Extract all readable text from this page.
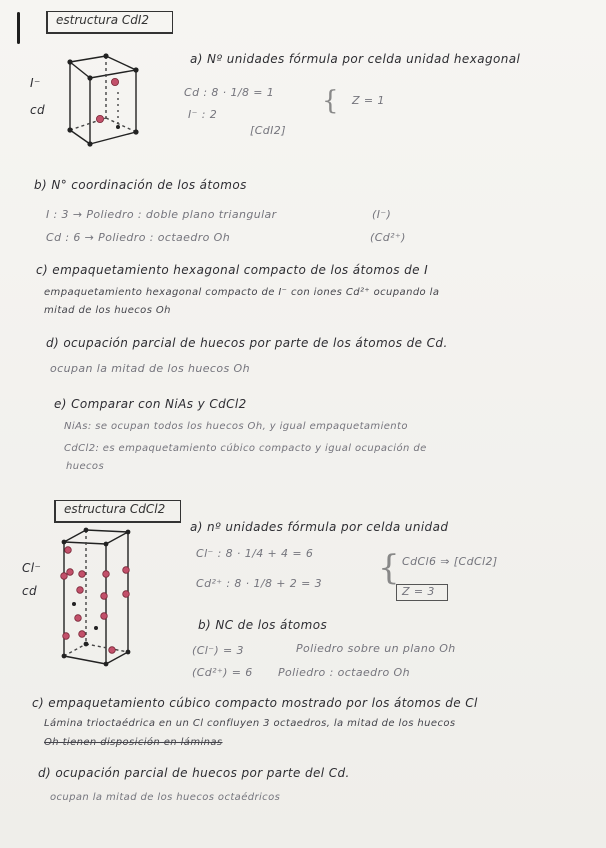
estructura CdI2
I⁻
cd
a) Nº unidades fórmula por celda unidad hexagonal
Cd : 8 · 1/8 = 1
I⁻ : 2
[CdI2]
{ Z = 1
b) N° coordinación de los átomos
I : 3 → Poliedro : doble plano triangular	(I⁻)
Cd : 6 → Poliedro : octaedro Oh	(Cd²⁺)
c) empaquetamiento hexagonal compacto de los átomos de I
empaquetamiento hexagonal compacto de I⁻ con iones Cd²⁺ ocupando la
mitad de los huecos Oh
d) ocupación parcial de huecos por parte de los átomos de Cd.
ocupan la mitad de los huecos Oh
e) Comparar con NiAs y CdCl2
NiAs: se ocupan todos los huecos Oh, y igual empaquetamiento
CdCl2: es empaquetamiento cúbico compacto y igual ocupación de
huecos
estructura CdCl2
Cl⁻
cd
a) nº unidades fórmula por celda unidad
Cl⁻ : 8 · 1/4 + 4 = 6
Cd²⁺ : 8 · 1/8 + 2 = 3 { CdCl6 ⇒ [CdCl2]
Z = 3
b) NC de los átomos
(Cl⁻) = 3	Poliedro sobre un plano Oh
(Cd²⁺) = 6 Poliedro : octaedro Oh
c) empaquetamiento cúbico compacto mostrado por los átomos de Cl
Lámina trioctaédrica en un Cl confluyen 3 octaedros, la mitad de los huecos
Oh tienen disposición en láminas
d) ocupación parcial de huecos por parte del Cd.
ocupan la mitad de los huecos octaédricos
